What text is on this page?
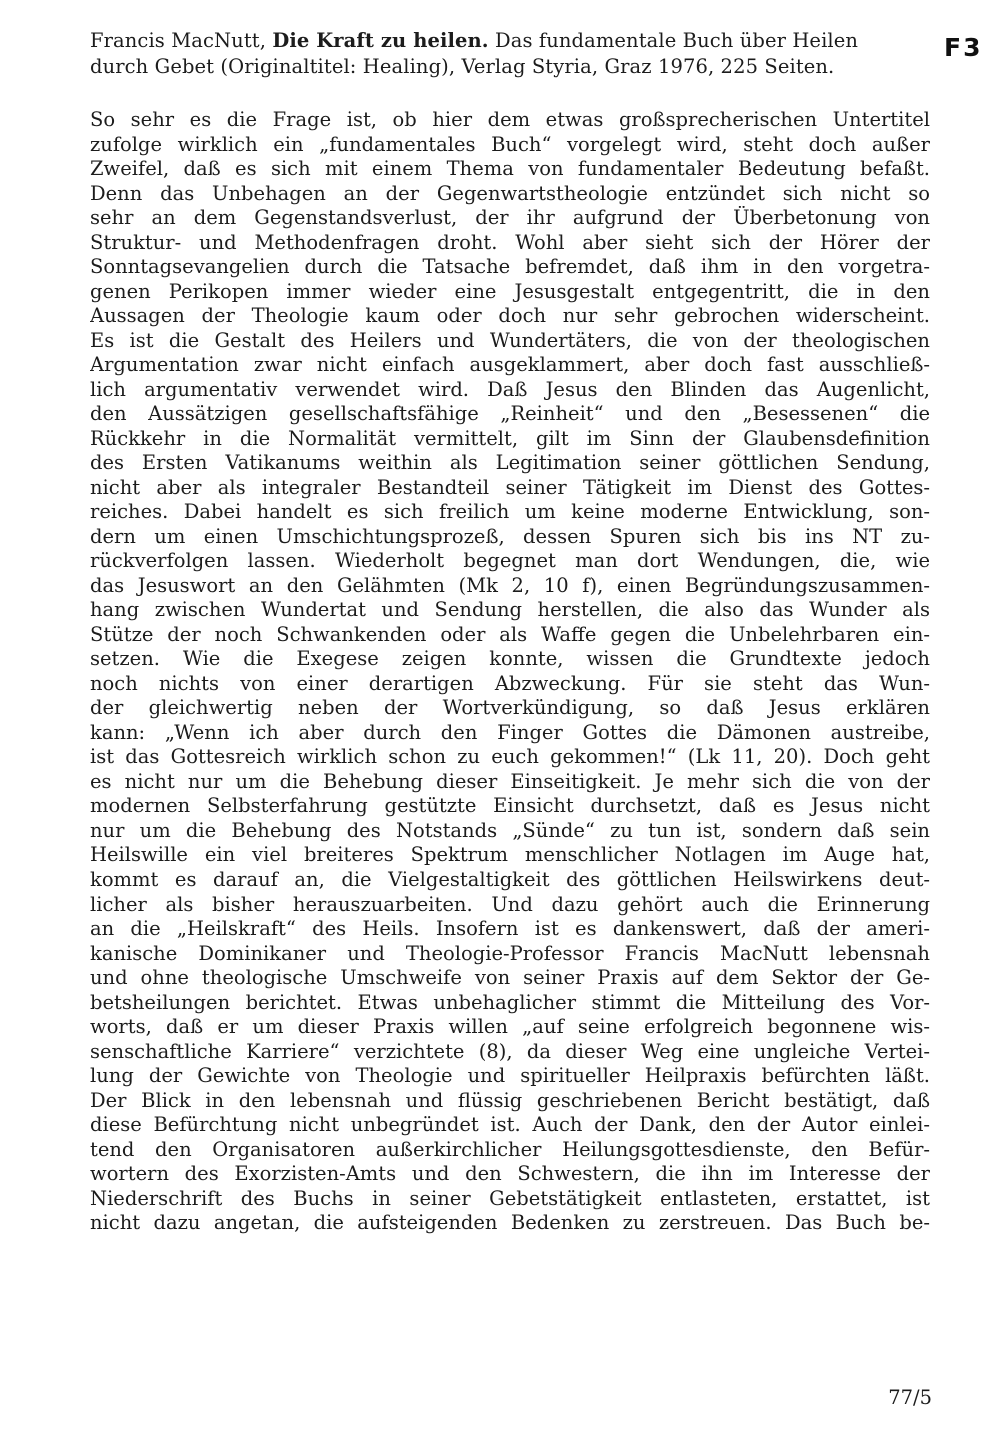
Francis MacNutt, Die Kraft zu heilen. Das fundamentale Buch über Heilen
durch Gebet (Originaltitel: Healing), Verlag Styria, Graz 1976, 225 Seiten.
F3
So sehr es die Frage ist, ob hier dem etwas großsprecherischen Untertitel
zufolge wirklich ein „fundamentales Buch“ vorgelegt wird, steht doch außer
Zweifel, daß es sich mit einem Thema von fundamentaler Bedeutung befaßt.
Denn das Unbehagen an der Gegenwartstheologie entzündet sich nicht so
sehr an dem Gegenstandsverlust, der ihr aufgrund der Überbetonung von
Struktur- und Methodenfragen droht. Wohl aber sieht sich der Hörer der
Sonntagsevangelien durch die Tatsache befremdet, daß ihm in den vorgetra-
genen Perikopen immer wieder eine Jesusgestalt entgegentritt, die in den
Aussagen der Theologie kaum oder doch nur sehr gebrochen widerscheint.
Es ist die Gestalt des Heilers und Wundertäters, die von der theologischen
Argumentation zwar nicht einfach ausgeklammert, aber doch fast ausschließ-
lich argumentativ verwendet wird. Daß Jesus den Blinden das Augenlicht,
den Aussätzigen gesellschaftsfähige „Reinheit“ und den „Besessenen“ die
Rückkehr in die Normalität vermittelt, gilt im Sinn der Glaubensdefinition
des Ersten Vatikanums weithin als Legitimation seiner göttlichen Sendung,
nicht aber als integraler Bestandteil seiner Tätigkeit im Dienst des Gottes-
reiches. Dabei handelt es sich freilich um keine moderne Entwicklung, son-
dern um einen Umschichtungsprozeß, dessen Spuren sich bis ins NT zu-
rückverfolgen lassen. Wiederholt begegnet man dort Wendungen, die, wie
das Jesuswort an den Gelähmten (Mk 2, 10 f), einen Begründungszusammen-
hang zwischen Wundertat und Sendung herstellen, die also das Wunder als
Stütze der noch Schwankenden oder als Waffe gegen die Unbelehrbaren ein-
setzen. Wie die Exegese zeigen konnte, wissen die Grundtexte jedoch
noch nichts von einer derartigen Abzweckung. Für sie steht das Wun-
der gleichwertig neben der Wortverkündigung, so daß Jesus erklären
kann: „Wenn ich aber durch den Finger Gottes die Dämonen austreibe,
ist das Gottesreich wirklich schon zu euch gekommen!“ (Lk 11, 20). Doch geht
es nicht nur um die Behebung dieser Einseitigkeit. Je mehr sich die von der
modernen Selbsterfahrung gestützte Einsicht durchsetzt, daß es Jesus nicht
nur um die Behebung des Notstands „Sünde“ zu tun ist, sondern daß sein
Heilswille ein viel breiteres Spektrum menschlicher Notlagen im Auge hat,
kommt es darauf an, die Vielgestaltigkeit des göttlichen Heilswirkens deut-
licher als bisher herauszuarbeiten. Und dazu gehört auch die Erinnerung
an die „Heilskraft“ des Heils. Insofern ist es dankenswert, daß der ameri-
kanische Dominikaner und Theologie-Professor Francis MacNutt lebensnah
und ohne theologische Umschweife von seiner Praxis auf dem Sektor der Ge-
betsheilungen berichtet. Etwas unbehaglicher stimmt die Mitteilung des Vor-
worts, daß er um dieser Praxis willen „auf seine erfolgreich begonnene wis-
senschaftliche Karriere“ verzichtete (8), da dieser Weg eine ungleiche Vertei-
lung der Gewichte von Theologie und spiritueller Heilpraxis befürchten läßt.
Der Blick in den lebensnah und flüssig geschriebenen Bericht bestätigt, daß
diese Befürchtung nicht unbegründet ist. Auch der Dank, den der Autor einlei-
tend den Organisatoren außerkirchlicher Heilungsgottesdienste, den Befür-
wortern des Exorzisten-Amts und den Schwestern, die ihn im Interesse der
Niederschrift des Buchs in seiner Gebetstätigkeit entlasteten, erstattet, ist
nicht dazu angetan, die aufsteigenden Bedenken zu zerstreuen. Das Buch be-
77/5
